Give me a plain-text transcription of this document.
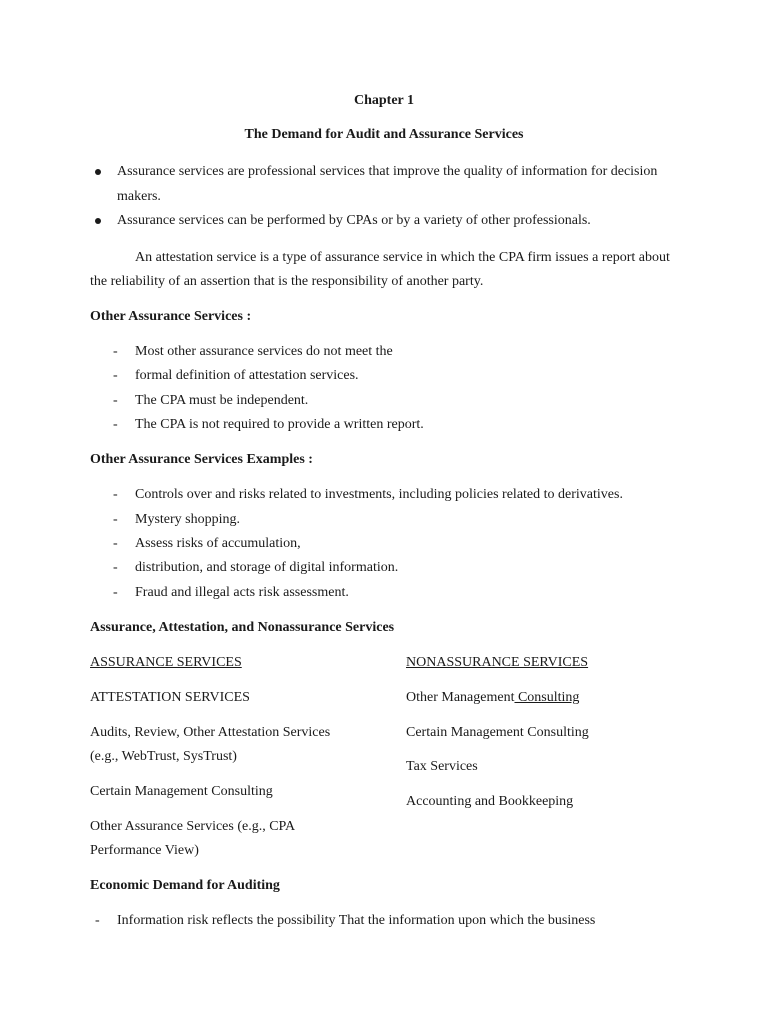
Chapter 1
The Demand for Audit and Assurance Services
Assurance services are professional services that improve the quality of information for decision
makers.
Assurance services can be performed by CPAs or by a variety of other professionals.
An attestation service is a type of assurance service in which the CPA firm issues a report about
the reliability of an assertion that is the responsibility of another party.
Other Assurance Services :
- Most other assurance services do not meet the
- formal definition of attestation services.
- The CPA must be independent.
- The CPA is not required to provide a written report.
Other Assurance Services Examples :
- Controls over and risks related to investments, including policies related to derivatives.
- Mystery shopping.
- Assess risks of accumulation,
- distribution, and storage of digital information.
- Fraud and illegal acts risk assessment.
Assurance, Attestation, and Nonassurance Services
ASSURANCE SERVICES	NONASSURANCE SERVICES
ATTESTATION SERVICES	Other Management Consulting
Audits, Review, Other Attestation Services
(e.g., WebTrust, SysTrust)
Certain Management Consulting
Tax Services
Certain Management Consulting
Accounting and Bookkeeping
Other Assurance Services (e.g., CPA
Performance View)
Economic Demand for Auditing
- Information risk reflects the possibility That the information upon which the business
